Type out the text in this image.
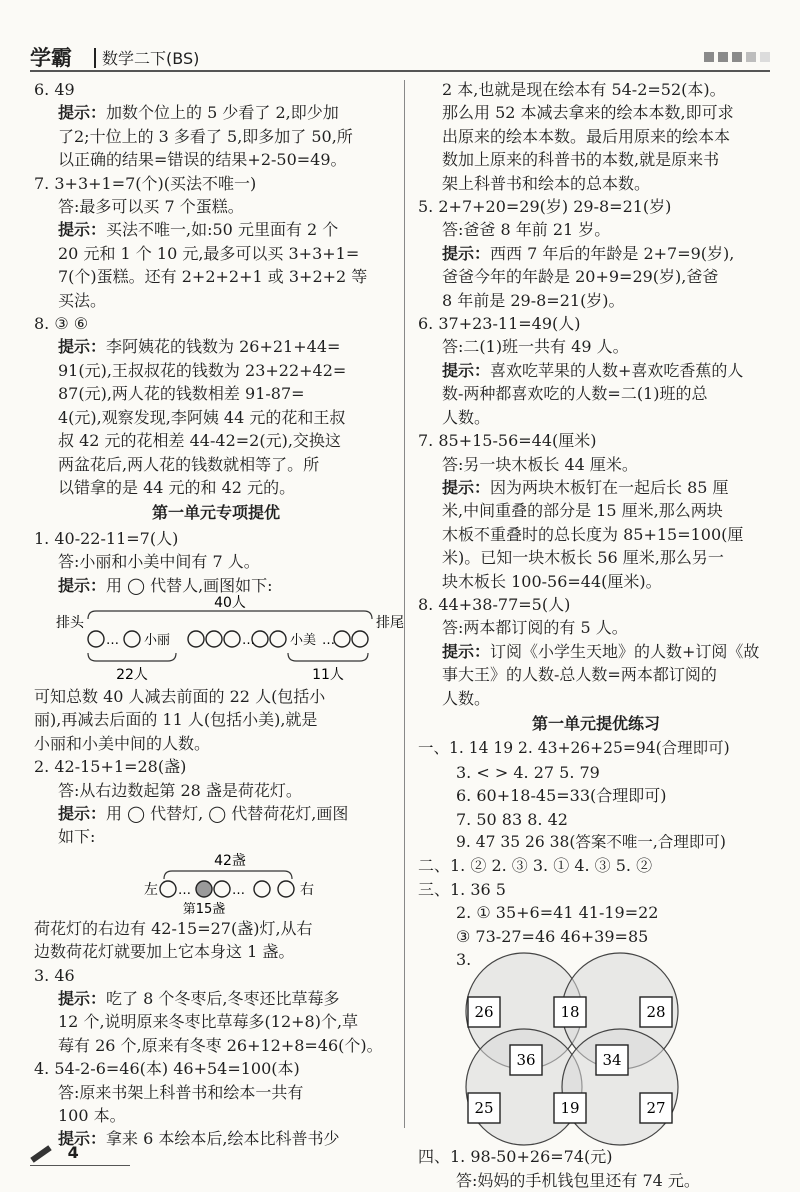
学霸 数学二下(BS)

6. 49

提示：加数个位上的 5 少看了 2,即少加

了2;十位上的 3 多看了 5,即多加了 50,所

以正确的结果=错误的结果+2-50=49。

7. 3+3+1=7(个)(买法不唯一)

答:最多可以买 7 个蛋糕。

提示：买法不唯一,如:50 元里面有 2 个

20 元和 1 个 10 元,最多可以买 3+3+1=

7(个)蛋糕。还有 2+2+2+1 或 3+2+2 等

买法。

8. ③ ⑥

提示：李阿姨花的钱数为 26+21+44=

91(元),王叔叔花的钱数为 23+22+42=

87(元),两人花的钱数相差 91-87=

4(元),观察发现,李阿姨 44 元的花和王叔

叔 42 元的花相差 44-42=2(元),交换这

两盆花后,两人花的钱数就相等了。所

以错拿的是 44 元的和 42 元的。

第一单元专项提优

1. 40-22-11=7(人)

答:小丽和小美中间有 7 人。

提示：用 ◯ 代替人,画图如下:

40人
排头	排尾
… 小丽	…	小美 …
22人	11人

可知总数 40 人减去前面的 22 人(包括小

丽),再减去后面的 11 人(包括小美),就是

小丽和小美中间的人数。

2. 42-15+1=28(盏)

答:从右边数起第 28 盏是荷花灯。

提示：用 ◯ 代替灯, ◯ 代替荷花灯,画图

如下:

42盏
左 …	…	右
第15盏

荷花灯的右边有 42-15=27(盏)灯,从右

边数荷花灯就要加上它本身这 1 盏。

3. 46

提示：吃了 8 个冬枣后,冬枣还比草莓多

12 个,说明原来冬枣比草莓多(12+8)个,草

莓有 26 个,原来有冬枣 26+12+8=46(个)。

4. 54-2-6=46(本) 46+54=100(本)

答:原来书架上科普书和绘本一共有

100 本。

提示：拿来 6 本绘本后,绘本比科普书少

2 本,也就是现在绘本有 54-2=52(本)。

那么用 52 本减去拿来的绘本本数,即可求

出原来的绘本本数。最后用原来的绘本本

数加上原来的科普书的本数,就是原来书

架上科普书和绘本的总本数。

5. 2+7+20=29(岁) 29-8=21(岁)

答:爸爸 8 年前 21 岁。

提示：西西 7 年后的年龄是 2+7=9(岁),

爸爸今年的年龄是 20+9=29(岁),爸爸

8 年前是 29-8=21(岁)。

6. 37+23-11=49(人)

答:二(1)班一共有 49 人。

提示：喜欢吃苹果的人数+喜欢吃香蕉的人

数-两种都喜欢吃的人数=二(1)班的总

人数。

7. 85+15-56=44(厘米)

答:另一块木板长 44 厘米。

提示：因为两块木板钉在一起后长 85 厘

米,中间重叠的部分是 15 厘米,那么两块

木板不重叠时的总长度为 85+15=100(厘

米)。已知一块木板长 56 厘米,那么另一

块木板长 100-56=44(厘米)。

8. 44+38-77=5(人)

答:两本都订阅的有 5 人。

提示：订阅《小学生天地》的人数+订阅《故

事大王》的人数-总人数=两本都订阅的

人数。

第一单元提优练习

一、1. 14 19 2. 43+26+25=94(合理即可)

3. < > 4. 27 5. 79

6. 60+18-45=33(合理即可)

7. 50 83 8. 42

9. 47 35 26 38(答案不唯一,合理即可)

二、1. ② 2. ③ 3. ① 4. ③ 5. ②

三、1. 36 5

2. ① 35+6=41 41-19=22

③ 73-27=46 46+39=85

3.

26	18	28
36	34
25	19	27

四、1. 98-50+26=74(元)

答:妈妈的手机钱包里还有 74 元。

4
